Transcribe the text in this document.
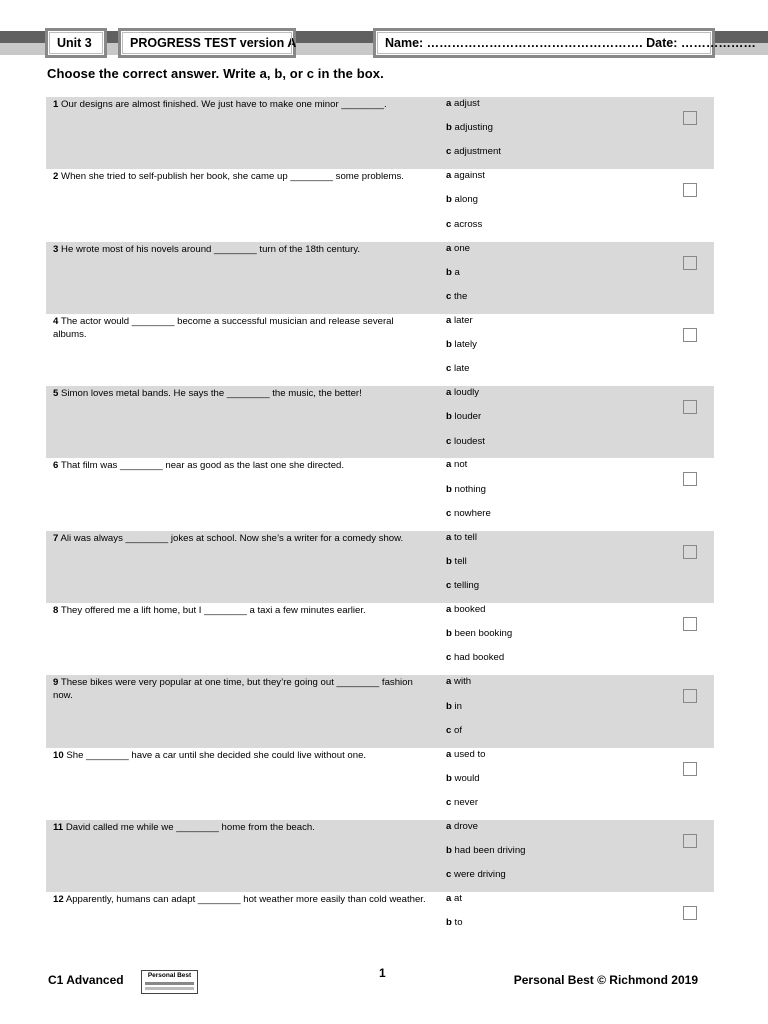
Unit 3	PROGRESS TEST version A	Name: ……………………………………………. Date: ………………
Choose the correct answer. Write a, b, or c in the box.
1 Our designs are almost finished. We just have to make one minor ________.	a adjust
b adjusting
c adjustment
2 When she tried to self-publish her book, she came up ________ some problems.	a against
b along
c across
3 He wrote most of his novels around ________ turn of the 18th century.	a one
b a
c the
4 The actor would ________ become a successful musician and release several albums.
a later
b lately
c late
5 Simon loves metal bands. He says the ________ the music, the better!	a loudly
b louder
c loudest
6 That film was ________ near as good as the last one she directed.	a not
b nothing
c nowhere
7 Ali was always ________ jokes at school. Now she’s a writer for a comedy show.	a to tell
b tell
c telling
8 They offered me a lift home, but I ________ a taxi a few minutes earlier.	a booked
b been booking
c had booked
9 These bikes were very popular at one time, but they’re going out ________ fashion now.
a with
b in
c of
10 She ________ have a car until she decided she could live without one.	a used to
b would
c never
11 David called me while we ________ home from the beach.	a drove
b had been driving
c were driving
12 Apparently, humans can adapt ________ hot weather more easily than cold weather. a at
b to
C1 Advanced	Personal Best	1	Personal Best © Richmond 2019
